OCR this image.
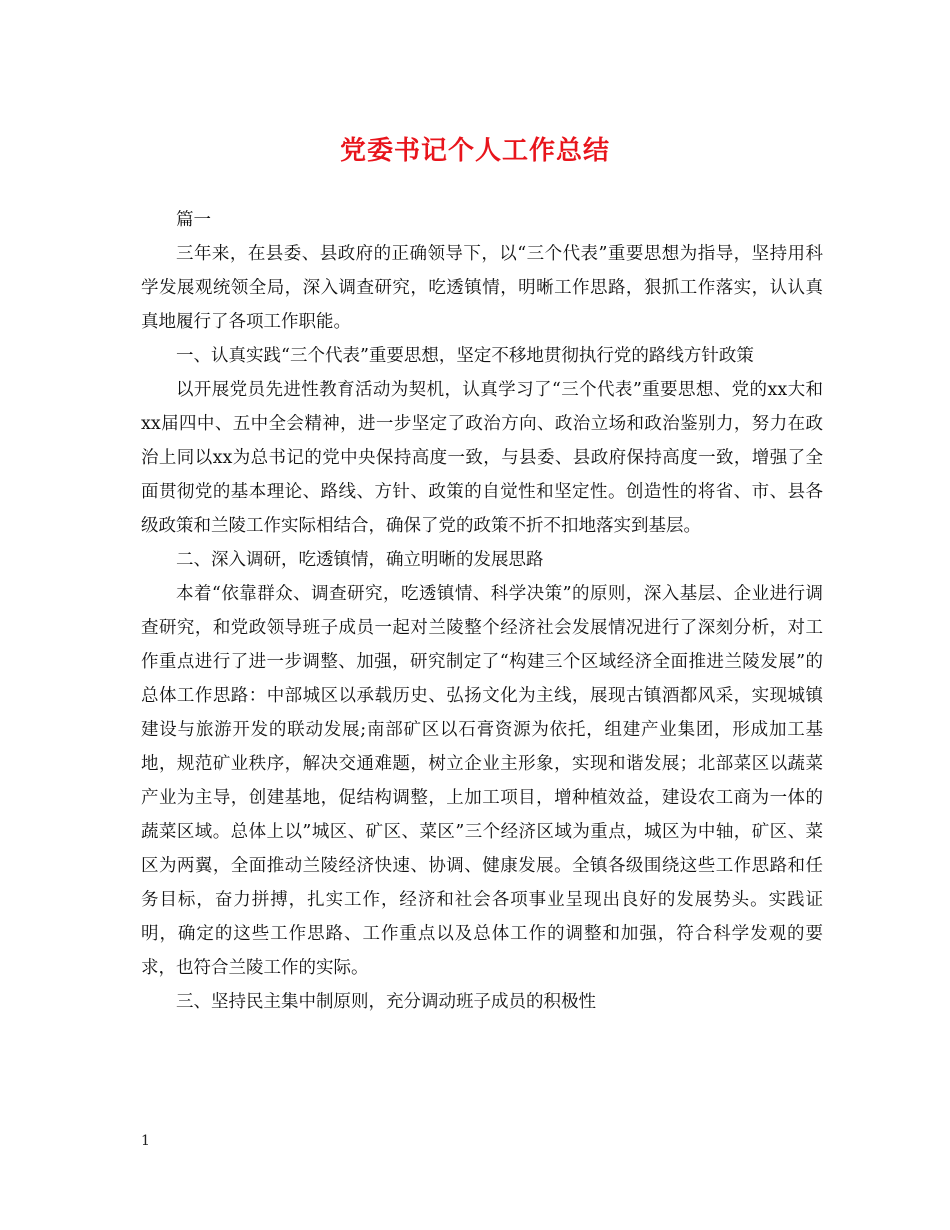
党委书记个人工作总结

篇一

三年来，在县委、县政府的正确领导下，以“三个代表”重要思想为指导，坚持用科学发展观统领全局，深入调查研究，吃透镇情，明晰工作思路，狠抓工作落实，认认真真地履行了各项工作职能。

一、认真实践“三个代表”重要思想，坚定不移地贯彻执行党的路线方针政策

以开展党员先进性教育活动为契机，认真学习了“三个代表”重要思想、党的xx大和xx届四中、五中全会精神，进一步坚定了政治方向、政治立场和政治鉴别力，努力在政治上同以xx为总书记的党中央保持高度一致，与县委、县政府保持高度一致，增强了全面贯彻党的基本理论、路线、方针、政策的自觉性和坚定性。创造性的将省、市、县各级政策和兰陵工作实际相结合，确保了党的政策不折不扣地落实到基层。

二、深入调研，吃透镇情，确立明晰的发展思路

本着“依靠群众、调查研究，吃透镇情、科学决策”的原则，深入基层、企业进行调查研究，和党政领导班子成员一起对兰陵整个经济社会发展情况进行了深刻分析，对工作重点进行了进一步调整、加强，研究制定了“构建三个区域经济全面推进兰陵发展”的总体工作思路：中部城区以承载历史、弘扬文化为主线，展现古镇酒都风采，实现城镇建设与旅游开发的联动发展;南部矿区以石膏资源为依托，组建产业集团，形成加工基地，规范矿业秩序，解决交通难题，树立企业主形象，实现和谐发展；北部菜区以蔬菜产业为主导，创建基地，促结构调整，上加工项目，增种植效益，建设农工商为一体的蔬菜区域。总体上以”城区、矿区、菜区”三个经济区域为重点，城区为中轴，矿区、菜区为两翼，全面推动兰陵经济快速、协调、健康发展。全镇各级围绕这些工作思路和任务目标，奋力拼搏，扎实工作，经济和社会各项事业呈现出良好的发展势头。实践证明，确定的这些工作思路、工作重点以及总体工作的调整和加强，符合科学发观的要求，也符合兰陵工作的实际。

三、坚持民主集中制原则，充分调动班子成员的积极性

1
